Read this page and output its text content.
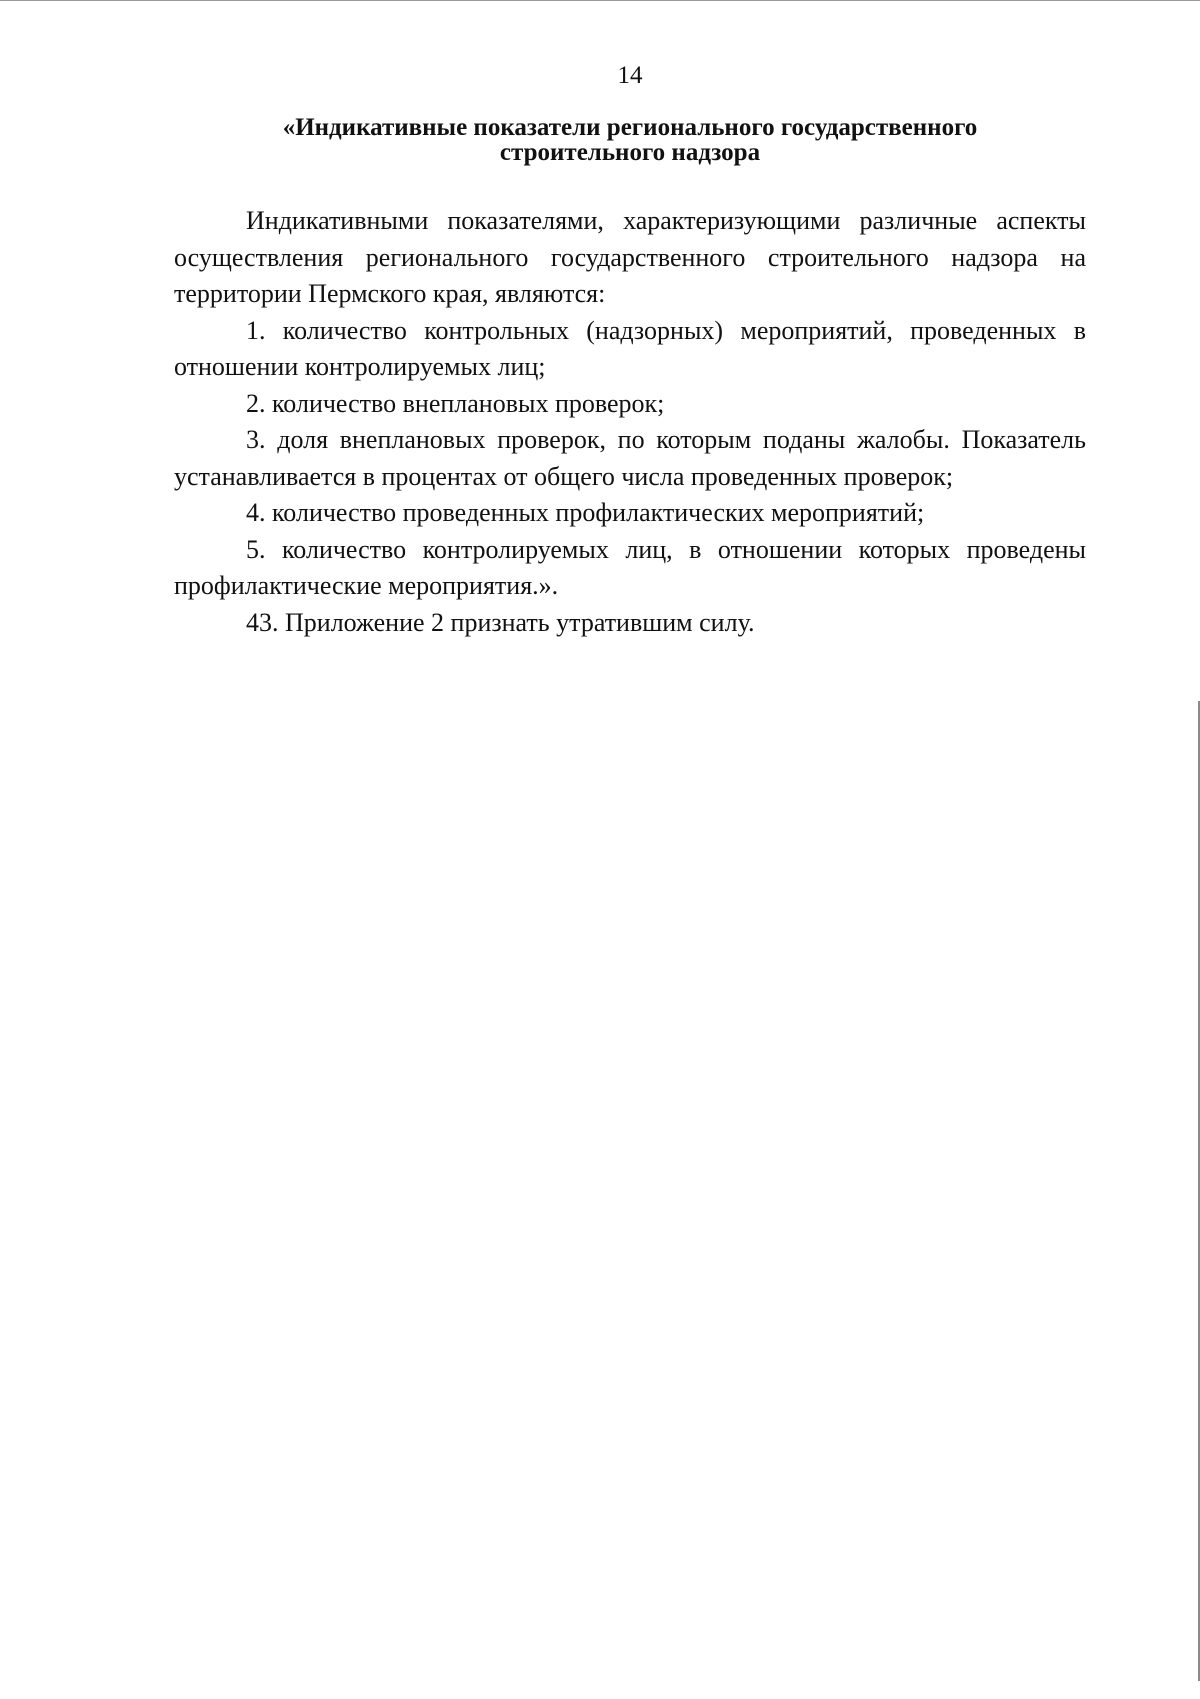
14
«Индикативные показатели регионального государственного
строительного надзора

Индикативными показателями, характеризующими различные аспекты осуществления регионального государственного строительного надзора на территории Пермского края, являются:

1. количество контрольных (надзорных) мероприятий, проведенных в отношении контролируемых лиц;

2. количество внеплановых проверок;

3. доля внеплановых проверок, по которым поданы жалобы. Показатель устанавливается в процентах от общего числа проведенных проверок;

4. количество проведенных профилактических мероприятий;

5. количество контролируемых лиц, в отношении которых проведены профилактические мероприятия.».

43. Приложение 2 признать утратившим силу.
